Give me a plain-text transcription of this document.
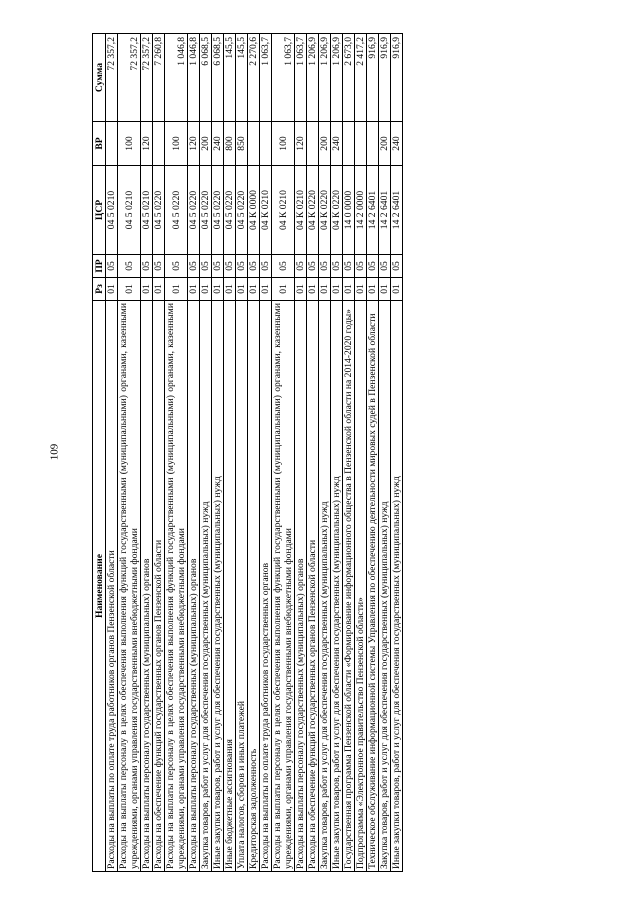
109
Наименование	Рз	ПР	ЦСР	ВР	Сумма
Расходы на выплаты по оплате труда работников органов Пензенской области	01	05	04 5 0210		72 357,2
Расходы на выплаты персоналу в целях обеспечения выполнения функций государственными (муниципальными) органами, казенными учреждениями, органами управления государственными внебюджетными фондами	01	05	04 5 0210	100	72 357,2
Расходы на выплаты персоналу государственных (муниципальных) органов	01	05	04 5 0210	120	72 357,2
Расходы на обеспечение функций государственных органов Пензенской области	01	05	04 5 0220		7 260,8
Расходы на выплаты персоналу в целях обеспечения выполнения функций государственными (муниципальными) органами, казенными учреждениями, органами управления государственными внебюджетными фондами	01	05	04 5 0220	100	1 046,8
Расходы на выплаты персоналу государственных (муниципальных) органов	01	05	04 5 0220	120	1 046,8
Закупка товаров, работ и услуг для обеспечения государственных (муниципальных) нужд	01	05	04 5 0220	200	6 068,5
Иные закупки товаров, работ и услуг для обеспечения государственных (муниципальных) нужд	01	05	04 5 0220	240	6 068,5
Иные бюджетные ассигнования	01	05	04 5 0220	800	145,5
Уплата налогов, сборов и иных платежей	01	05	04 5 0220	850	145,5
Кредиторская задолженность	01	05	04 К 0000		2 270,6
Расходы на выплаты по оплате труда работников государственных органов	01	05	04 К 0210		1 063,7
Расходы на выплаты персоналу в целях обеспечения выполнения функций государственными (муниципальными) органами, казенными учреждениями, органами управления государственными внебюджетными фондами	01	05	04 К 0210	100	1 063,7
Расходы на выплаты персоналу государственных (муниципальных) органов	01	05	04 К 0210	120	1 063,7
Расходы на обеспечение функций государственных органов Пензенской области	01	05	04 К 0220		1 206,9
Закупка товаров, работ и услуг для обеспечения государственных (муниципальных) нужд	01	05	04 К 0220	200	1 206,9
Иные закупки товаров, работ и услуг для обеспечения государственных (муниципальных) нужд	01	05	04 К 0220	240	1 206,9
Государственная программа Пензенской области «Формирование информационного общества в Пензенской области на 2014-2020 годы»	01	05	14 0 0000		2 673,0
Подпрограмма «Электронное правительство Пензенской области»	01	05	14 2 0000		2 417,2
Техническое обслуживание информационной системы Управления по обеспечению деятельности мировых судей в Пензенской области	01	05	14 2 6401		916,9
Закупка товаров, работ и услуг для обеспечения государственных (муниципальных) нужд	01	05	14 2 6401	200	916,9
Иные закупки товаров, работ и услуг для обеспечения государственных (муниципальных) нужд	01	05	14 2 6401	240	916,9
